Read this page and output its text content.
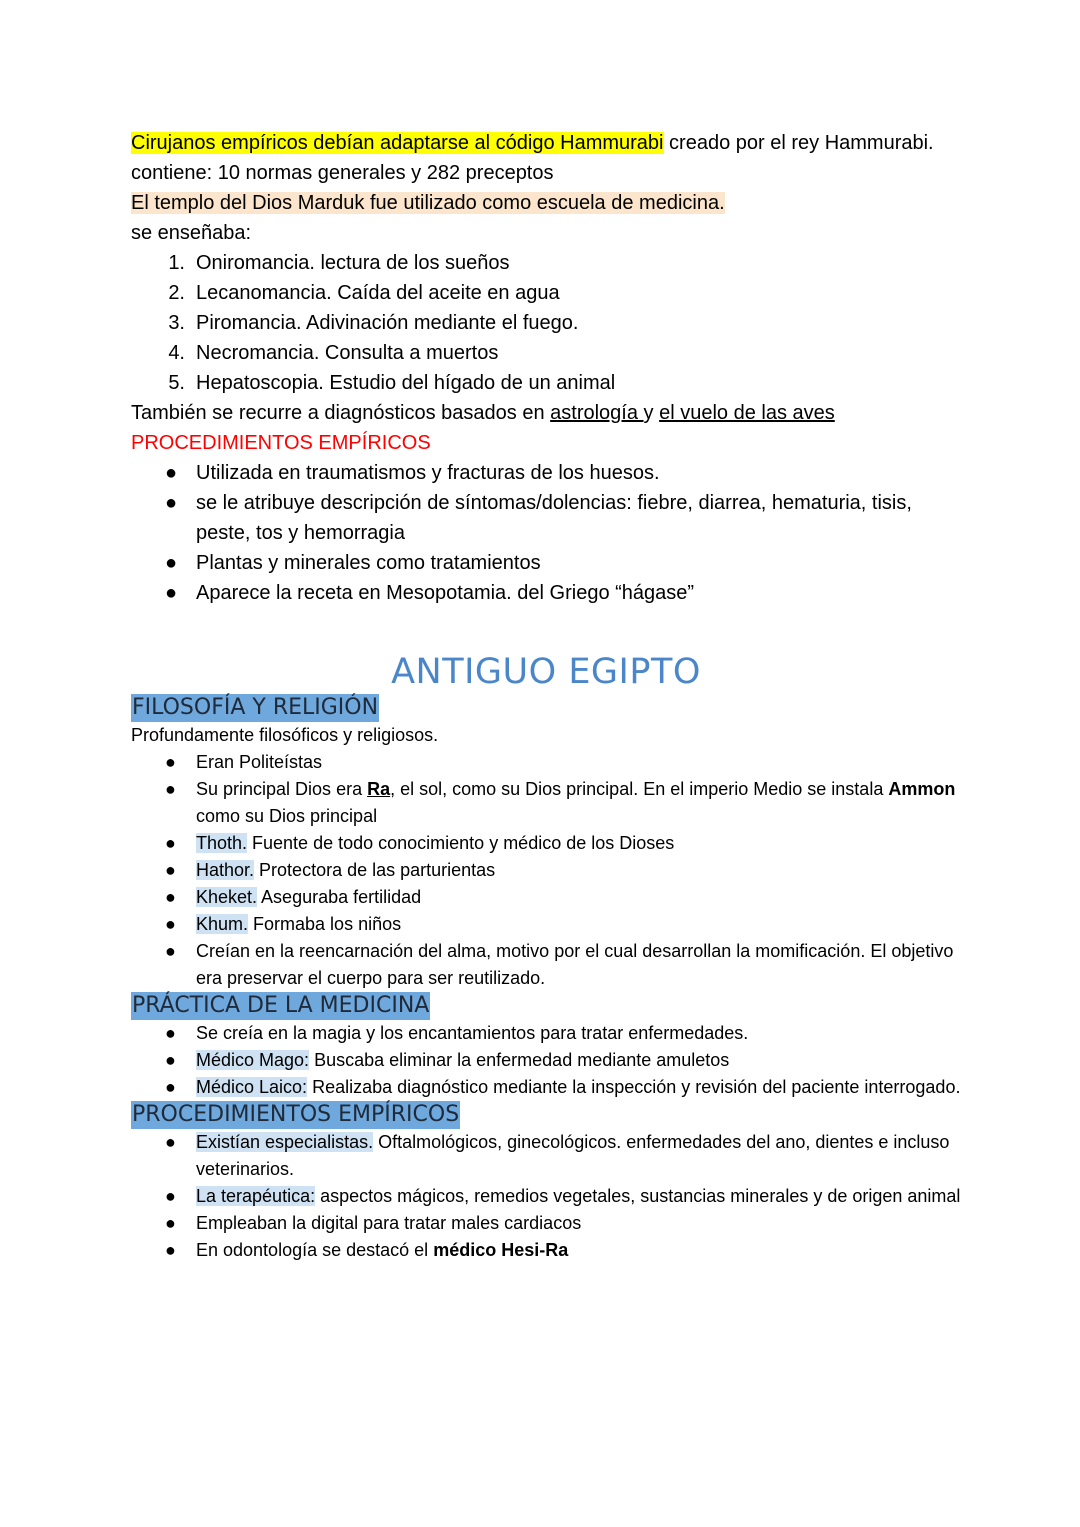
Cirujanos empíricos debían adaptarse al código Hammurabi creado por el rey Hammurabi.

contiene: 10 normas generales y 282 preceptos

El templo del Dios Marduk fue utilizado como escuela de medicina.

se enseñaba:

1. Oniromancia. lectura de los sueños
2. Lecanomancia. Caída del aceite en agua
3. Piromancia. Adivinación mediante el fuego.
4. Necromancia. Consulta a muertos
5. Hepatoscopia. Estudio del hígado de un animal

También se recurre a diagnósticos basados en astrología y el vuelo de las aves

PROCEDIMIENTOS EMPÍRICOS

● Utilizada en traumatismos y fracturas de los huesos.
● se le atribuye descripción de síntomas/dolencias: fiebre, diarrea, hematuria, tisis, peste, tos y hemorragia
● Plantas y minerales como tratamientos
● Aparece la receta en Mesopotamia. del Griego “hágase”
ANTIGUO EGIPTO
FILOSOFÍA Y RELIGIÓN

Profundamente filosóficos y religiosos.

● Eran Politeístas
● Su principal Dios era Ra, el sol, como su Dios principal. En el imperio Medio se instala Ammon como su Dios principal
● Thoth. Fuente de todo conocimiento y médico de los Dioses
● Hathor. Protectora de las parturientas
● Kheket. Aseguraba fertilidad
● Khum. Formaba los niños
● Creían en la reencarnación del alma, motivo por el cual desarrollan la momificación. El objetivo era preservar el cuerpo para ser reutilizado.
PRÁCTICA DE LA MEDICINA
● Se creía en la magia y los encantamientos para tratar enfermedades.
● Médico Mago: Buscaba eliminar la enfermedad mediante amuletos
● Médico Laico: Realizaba diagnóstico mediante la inspección y revisión del paciente interrogado.
PROCEDIMIENTOS EMPÍRICOS
● Existían especialistas. Oftalmológicos, ginecológicos. enfermedades del ano, dientes e incluso veterinarios.
● La terapéutica: aspectos mágicos, remedios vegetales, sustancias minerales y de origen animal
● Empleaban la digital para tratar males cardiacos
● En odontología se destacó el médico Hesi-Ra
